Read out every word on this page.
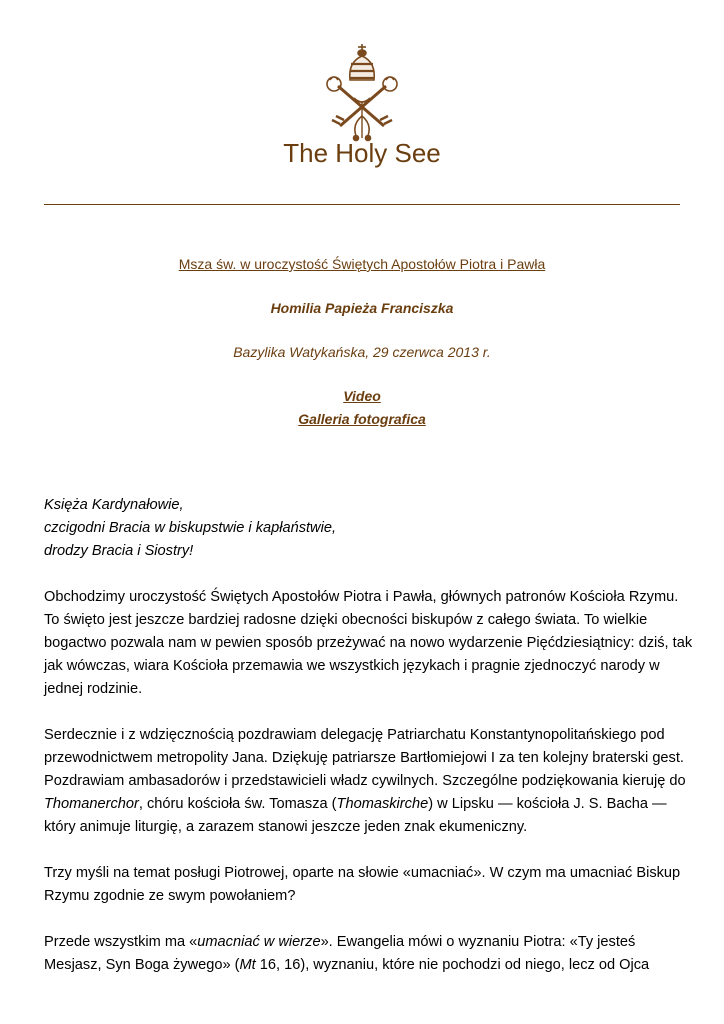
The Holy See
Msza św. w uroczystość Świętych Apostołów Piotra i Pawła
Homilia Papieża Franciszka
Bazylika Watykańska, 29 czerwca 2013 r.
Video
Galleria fotografica

Księża Kardynałowie,
czcigodni Bracia w biskupstwie i kapłaństwie,
drodzy Bracia i Siostry!

Obchodzimy uroczystość Świętych Apostołów Piotra i Pawła, głównych patronów Kościoła Rzymu. To święto jest jeszcze bardziej radosne dzięki obecności biskupów z całego świata. To wielkie bogactwo pozwala nam w pewien sposób przeżywać na nowo wydarzenie Pięćdziesiątnicy: dziś, tak jak wówczas, wiara Kościoła przemawia we wszystkich językach i pragnie zjednoczyć narody w jednej rodzinie.

Serdecznie i z wdzięcznością pozdrawiam delegację Patriarchatu Konstantynopolitańskiego pod przewodnictwem metropolity Jana. Dziękuję patriarsze Bartłomiejowi I za ten kolejny braterski gest. Pozdrawiam ambasadorów i przedstawicieli władz cywilnych. Szczególne podziękowania kieruję do Thomanerchor, chóru kościoła św. Tomasza (Thomaskirche) w Lipsku — kościoła J. S. Bacha — który animuje liturgię, a zarazem stanowi jeszcze jeden znak ekumeniczny.

Trzy myśli na temat posługi Piotrowej, oparte na słowie «umacniać». W czym ma umacniać Biskup Rzymu zgodnie ze swym powołaniem?

Przede wszystkim ma «umacniać w wierze». Ewangelia mówi o wyznaniu Piotra: «Ty jesteś Mesjasz, Syn Boga żywego» (Mt 16, 16), wyznaniu, które nie pochodzi od niego, lecz od Ojca
